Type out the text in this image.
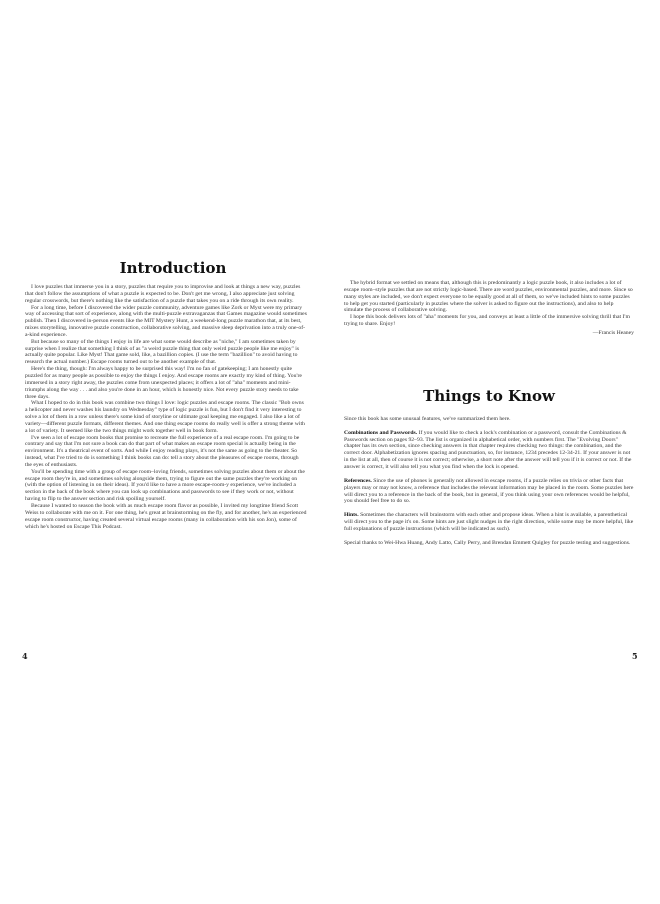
Introduction

I love puzzles that immerse you in a story, puzzles that require you to improvise and look at things a new way, puzzles that don't follow the assumptions of what a puzzle is expected to be. Don't get me wrong, I also appreciate just solving regular crosswords, but there's nothing like the satisfaction of a puzzle that takes you on a ride through its own reality.

For a long time, before I discovered the wider puzzle community, adventure games like Zork or Myst were my primary way of accessing that sort of experience, along with the multi-puzzle extravaganzas that Games magazine would sometimes publish. Then I discovered in-person events like the MIT Mystery Hunt, a weekend-long puzzle marathon that, at its best, mixes storytelling, innovative puzzle construction, collaborative solving, and massive sleep deprivation into a truly one-of-a-kind experience.

But because so many of the things I enjoy in life are what some would describe as "niche," I am sometimes taken by surprise when I realize that something I think of as "a weird puzzle thing that only weird puzzle people like me enjoy" is actually quite popular. Like Myst! That game sold, like, a bazillion copies. (I use the term "bazillion" to avoid having to research the actual number.) Escape rooms turned out to be another example of that.

Here's the thing, though: I'm always happy to be surprised this way! I'm no fan of gatekeeping; I am honestly quite puzzled for as many people as possible to enjoy the things I enjoy. And escape rooms are exactly my kind of thing. You're immersed in a story right away, the puzzles come from unexpected places; it offers a lot of "aha" moments and mini-triumphs along the way . . . and also you're done in an hour, which is honestly nice. Not every puzzle story needs to take three days.

What I hoped to do in this book was combine two things I love: logic puzzles and escape rooms. The classic "Bob owns a helicopter and never washes his laundry on Wednesday" type of logic puzzle is fun, but I don't find it very interesting to solve a lot of them in a row unless there's some kind of storyline or ultimate goal keeping me engaged. I also like a lot of variety—different puzzle formats, different themes. And one thing escape rooms do really well is offer a strong theme with a lot of variety. It seemed like the two things might work together well in book form.

I've seen a lot of escape room books that promise to recreate the full experience of a real escape room. I'm going to be contrary and say that I'm not sure a book can do that part of what makes an escape room special is actually being in the environment. It's a theatrical event of sorts. And while I enjoy reading plays, it's not the same as going to the theater. So instead, what I've tried to do is something I think books can do: tell a story about the pleasures of escape rooms, through the eyes of enthusiasts.

You'll be spending time with a group of escape room–loving friends, sometimes solving puzzles about them or about the escape room they're in, and sometimes solving alongside them, trying to figure out the same puzzles they're working on (with the option of listening in on their ideas). If you'd like to have a more escape-room-y experience, we've included a section in the back of the book where you can look up combinations and passwords to see if they work or not, without having to flip to the answer section and risk spoiling yourself.

Because I wanted to season the book with as much escape room flavor as possible, I invited my longtime friend Scott Weiss to collaborate with me on it. For one thing, he's great at brainstorming on the fly, and for another, he's an experienced escape room constructor, having created several virtual escape rooms (many in collaboration with his son Jon), some of which he's hosted on Escape This Podcast.

4

The hybrid format we settled on means that, although this is predominantly a logic puzzle book, it also includes a lot of escape room–style puzzles that are not strictly logic-based. There are word puzzles, environmental puzzles, and more. Since so many styles are included, we don't expect everyone to be equally good at all of them, so we've included hints to some puzzles to help get you started (particularly in puzzles where the solver is asked to figure out the instructions), and also to help simulate the process of collaborative solving.

I hope this book delivers lots of "aha" moments for you, and conveys at least a little of the immersive solving thrill that I'm trying to share. Enjoy!

—Francis Heaney
Things to Know

Since this book has some unusual features, we've summarized them here.

Combinations and Passwords. If you would like to check a lock's combination or a password, consult the Combinations & Passwords section on pages 92–93. The list is organized in alphabetical order, with numbers first. The "Evolving Doors" chapter has its own section, since checking answers in that chapter requires checking two things: the combination, and the correct door. Alphabetization ignores spacing and punctuation, so, for instance, 1234 precedes 12-34-21. If your answer is not in the list at all, then of course it is not correct; otherwise, a short note after the answer will tell you if it is correct or not. If the answer is correct, it will also tell you what you find when the lock is opened.

References. Since the use of phones is generally not allowed in escape rooms, if a puzzle relies on trivia or other facts that players may or may not know, a reference that includes the relevant information may be placed in the room. Some puzzles here will direct you to a reference in the back of the book, but in general, if you think using your own references would be helpful, you should feel free to do so.

Hints. Sometimes the characters will brainstorm with each other and propose ideas. When a hint is available, a parenthetical will direct you to the page it's on. Some hints are just slight nudges in the right direction, while some may be more helpful, like full explanations of puzzle instructions (which will be indicated as such).

Special thanks to Wei-Hwa Huang, Andy Latto, Cally Perry, and Brendan Emmett Quigley for puzzle testing and suggestions.

5
